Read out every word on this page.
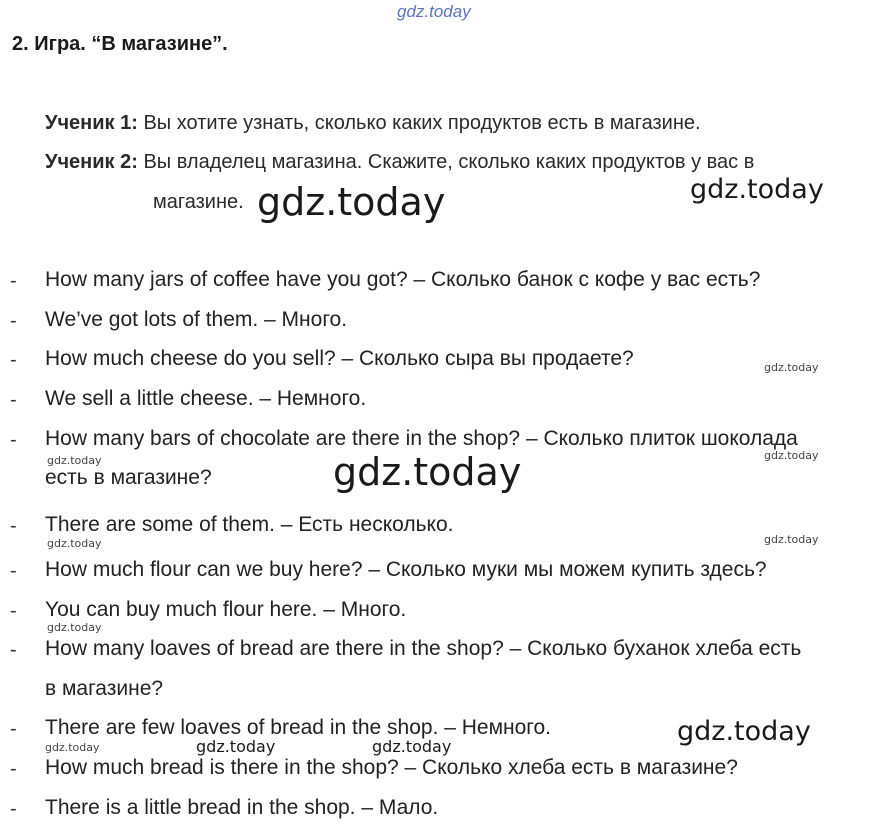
gdz.today
2. Игра. “В магазине”.
Ученик 1: Вы хотите узнать, сколько каких продуктов есть в магазине.
Ученик 2: Вы владелец магазина. Скажите, сколько каких продуктов у вас в
магазине. gdz.today	gdz.today
gdz.today
gdz.today
gdz.today	gdz.today
gdz.today
gdz.today
gdz.today
gdz.today
gdz.today
gdz.today
gdz.today
-
-
-
-
-
-
-
-
-
-
-
-
How many jars of coffee have you got? – Сколько банок с кофе у вас есть?
We’ve got lots of them. – Много.
How much cheese do you sell? – Сколько сыра вы продаете?
We sell a little cheese. – Немного.
How many bars of chocolate are there in the shop? – Сколько плиток шоколада
есть в магазине?
There are some of them. – Есть несколько.
How much flour can we buy here? – Сколько муки мы можем купить здесь?
You can buy much flour here. – Много.
How many loaves of bread are there in the shop? – Сколько буханок хлеба есть
в магазине?
There are few loaves of bread in the shop. – Немного.
How much bread is there in the shop? – Сколько хлеба есть в магазине?
There is a little bread in the shop. – Мало.
